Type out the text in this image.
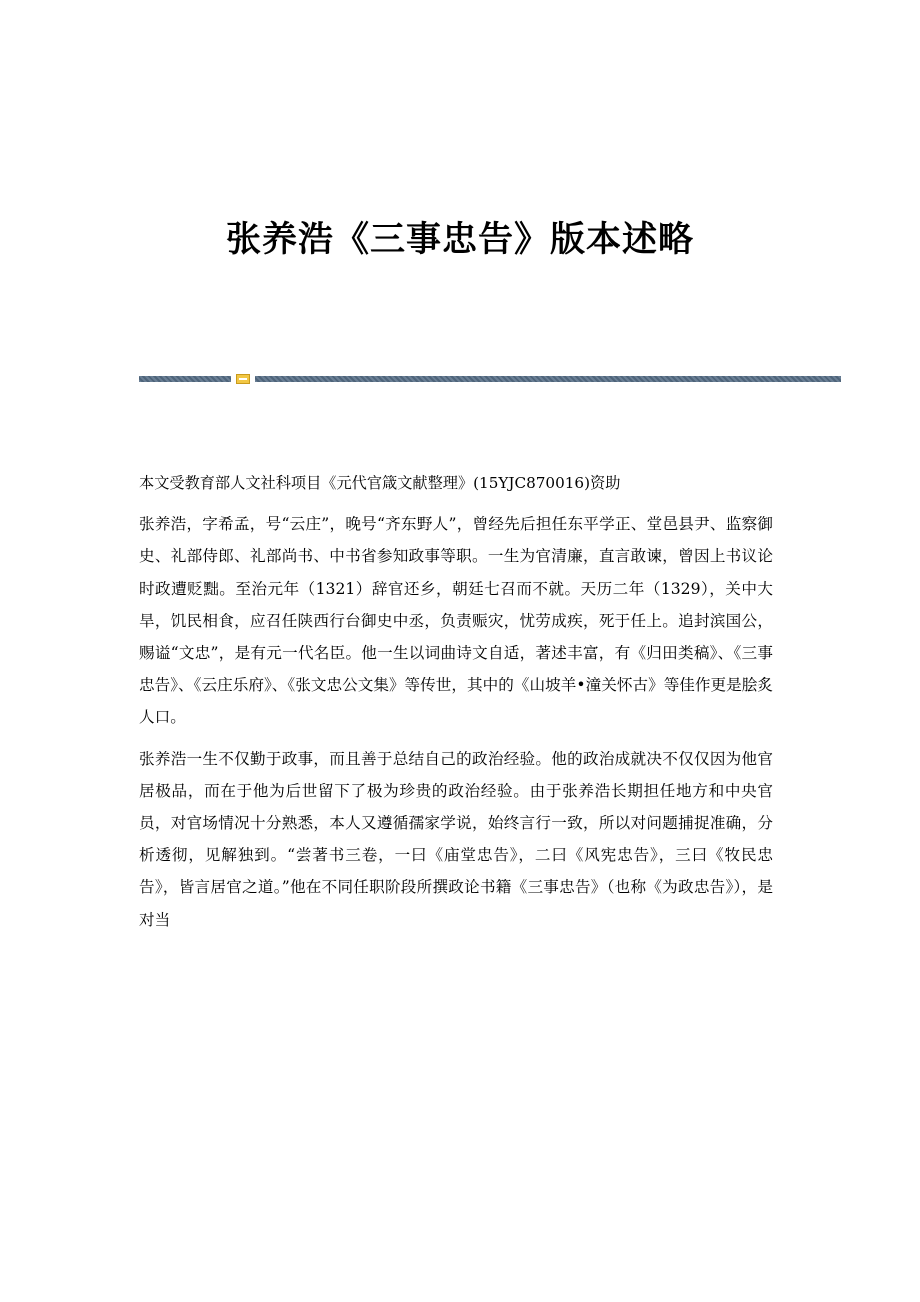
张养浩《三事忠告》版本述略

本文受教育部人文社科项目《元代官箴文献整理》(15YJC870016)资助

张养浩，字希孟，号“云庄”，晚号“齐东野人”，曾经先后担任东平学正、堂邑县尹、监察御史、礼部侍郎、礼部尚书、中书省参知政事等职。一生为官清廉，直言敢谏，曾因上书议论时政遭贬黜。至治元年（1321）辞官还乡，朝廷七召而不就。天历二年（1329），关中大旱，饥民相食，应召任陕西行台御史中丞，负责赈灾，忧劳成疾，死于任上。追封滨国公，赐谥“文忠”，是有元一代名臣。他一生以词曲诗文自适，著述丰富，有《归田类稿》、《三事忠告》、《云庄乐府》、《张文忠公文集》等传世，其中的《山坡羊•潼关怀古》等佳作更是脍炙人口。

张养浩一生不仅勤于政事，而且善于总结自己的政治经验。他的政治成就决不仅仅因为他官居极品，而在于他为后世留下了极为珍贵的政治经验。由于张养浩长期担任地方和中央官员，对官场情况十分熟悉，本人又遵循孺家学说，始终言行一致，所以对问题捕捉准确，分析透彻，见解独到。“尝著书三卷，一曰《庙堂忠告》，二曰《风宪忠告》，三曰《牧民忠告》，皆言居官之道。”他在不同任职阶段所撰政论书籍《三事忠告》（也称《为政忠告》），是对当
